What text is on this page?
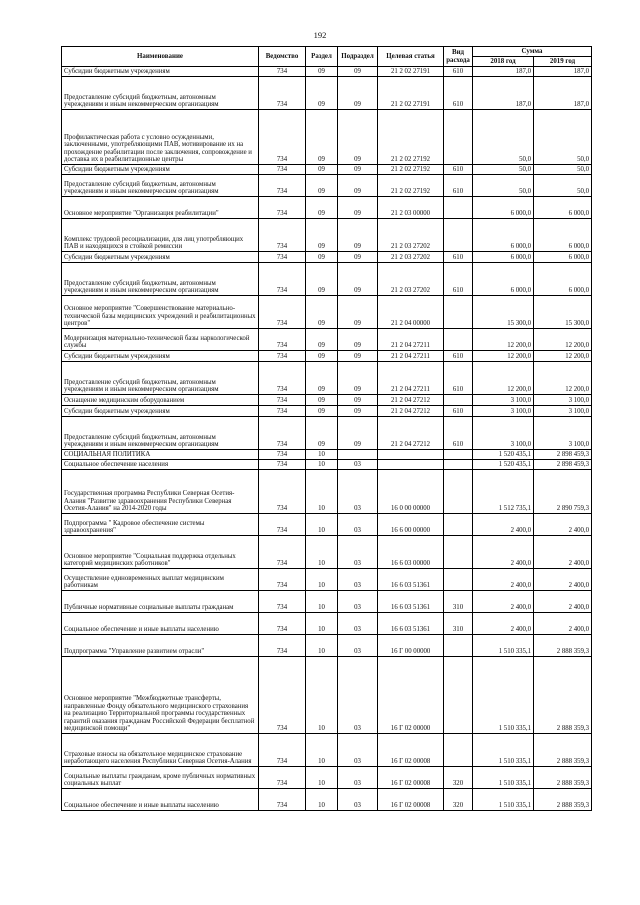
192
Наименование	Ведомство	Раздел	Подраздел	Целевая статья	Вид расхода	Сумма	
						2018 год	2019 год
Субсидии бюджетным учреждениям	734	09	09	21 2 02 27191	610	187,0	187,0
Предоставление субсидий бюджетным, автономным учреждениям и иным некоммерческим организациям	734	09	09	21 2 02 27191	610	187,0	187,0
Профилактическая работа с условно осужденными, заключенными, употребляющими ПАВ, мотивирование их на прохождение реабилитации после заключения, сопровождение и доставка их в реабилитационные центры	734	09	09	21 2 02 27192		50,0	50,0
Субсидии бюджетным учреждениям	734	09	09	21 2 02 27192	610	50,0	50,0
Предоставление субсидий бюджетным, автономным учреждениям и иным некоммерческим организациям	734	09	09	21 2 02 27192	610	50,0	50,0
Основное мероприятие "Организация реабилитации"	734	09	09	21 2 03 00000		6 000,0	6 000,0
Комплекс трудовой ресоциализации, для лиц употребляющих ПАВ и находящихся в стойкой ремиссии	734	09	09	21 2 03 27202		6 000,0	6 000,0
Субсидии бюджетным учреждениям	734	09	09	21 2 03 27202	610	6 000,0	6 000,0
Предоставление субсидий бюджетным, автономным учреждениям и иным некоммерческим организациям	734	09	09	21 2 03 27202	610	6 000,0	6 000,0
Основное мероприятие "Совершенствование материально-технической базы медицинских учреждений и реабилитационных центров"	734	09	09	21 2 04 00000		15 300,0	15 300,0
Модернизация материально-технической базы наркологической службы	734	09	09	21 2 04 27211		12 200,0	12 200,0
Субсидии бюджетным учреждениям	734	09	09	21 2 04 27211	610	12 200,0	12 200,0
Предоставление субсидий бюджетным, автономным учреждениям и иным некоммерческим организациям	734	09	09	21 2 04 27211	610	12 200,0	12 200,0
Оснащение медицинским оборудованием	734	09	09	21 2 04 27212		3 100,0	3 100,0
Субсидии бюджетным учреждениям	734	09	09	21 2 04 27212	610	3 100,0	3 100,0
Предоставление субсидий бюджетным, автономным учреждениям и иным некоммерческим организациям	734	09	09	21 2 04 27212	610	3 100,0	3 100,0
СОЦИАЛЬНАЯ ПОЛИТИКА	734	10				1 520 435,1	2 898 459,3
Социальное обеспечение населения	734	10	03			1 520 435,1	2 898 459,3
Государственная программа Республики Северная Осетия-Алания "Развитие здравоохранения Республики Северная Осетия-Алания" на 2014-2020 годы	734	10	03	16 0 00 00000		1 512 735,1	2 890 759,3
Подпрограмма " Кадровое обеспечение системы здравоохранения"	734	10	03	16 6 00 00000		2 400,0	2 400,0
Основное мероприятие "Социальная поддержка отдельных категорий медицинских работников"	734	10	03	16 6 03 00000		2 400,0	2 400,0
Осуществление единовременных выплат медицинским работникам	734	10	03	16 6 03 51361		2 400,0	2 400,0
Публичные нормативные социальные выплаты гражданам	734	10	03	16 6 03 51361	310	2 400,0	2 400,0
Социальное обеспечение и иные выплаты населению	734	10	03	16 6 03 51361	310	2 400,0	2 400,0
Подпрограмма "Управление развитием отрасли"	734	10	03	16 Г 00 00000		1 510 335,1	2 888 359,3
Основное мероприятие "Межбюджетные трансферты, направленные Фонду обязательного медицинского страхования на реализацию Территориальной программы государственных гарантий оказания гражданам Российской Федерации бесплатной медицинской помощи"	734	10	03	16 Г 02 00000		1 510 335,1	2 888 359,3
Страховые взносы на обязательное медицинское страхование неработающего населения Республики Северная Осетия-Алания	734	10	03	16 Г 02 00008		1 510 335,1	2 888 359,3
Социальные выплаты гражданам, кроме публичных нормативных социальных выплат	734	10	03	16 Г 02 00008	320	1 510 335,1	2 888 359,3
Социальное обеспечение и иные выплаты населению	734	10	03	16 Г 02 00008	320	1 510 335,1	2 888 359,3
